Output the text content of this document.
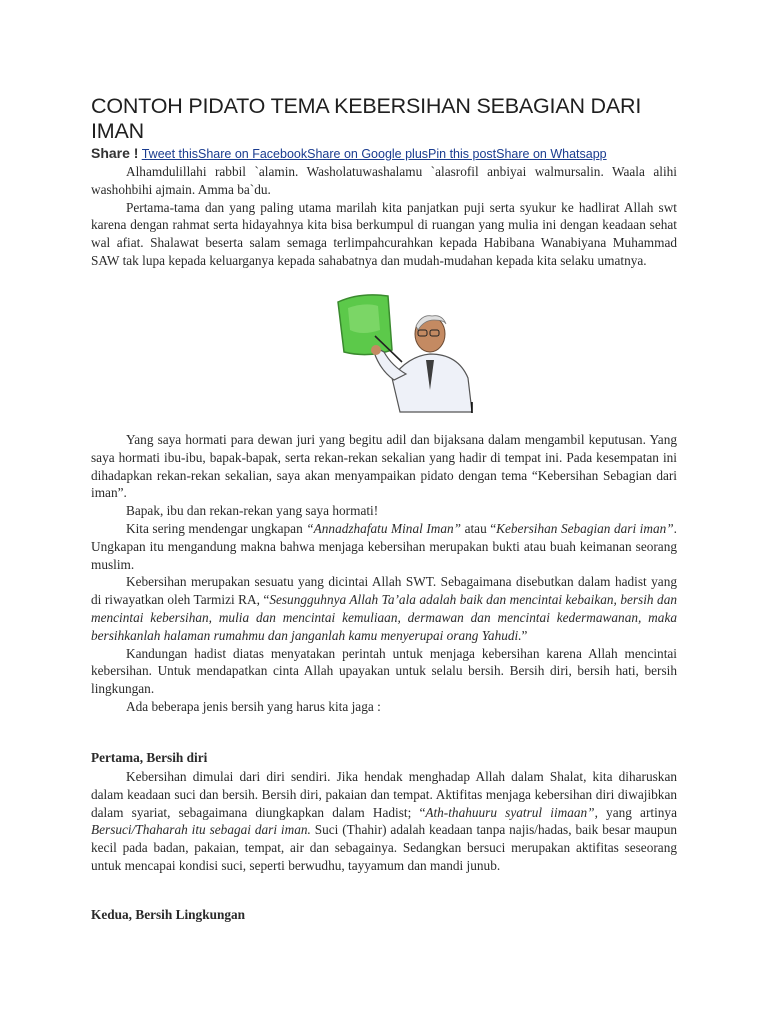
CONTOH PIDATO TEMA KEBERSIHAN SEBAGIAN DARI IMAN
Share ! Tweet thisShare on FacebookShare on Google plusPin this postShare on Whatsapp

Alhamdulillahi rabbil `alamin. Washolatuwashalamu `alasrofil anbiyai walmursalin. Waala alihi washohbihi ajmain. Amma ba`du.

Pertama-tama dan yang paling utama marilah kita panjatkan puji serta syukur ke hadlirat Allah swt karena dengan rahmat serta hidayahnya kita bisa berkumpul di ruangan yang mulia ini dengan keadaan sehat wal afiat. Shalawat beserta salam semaga terlimpahcurahkan kepada Habibana Wanabiyana Muhammad SAW tak lupa kepada keluarganya kepada sahabatnya dan mudah-mudahan kepada kita selaku umatnya.

Yang saya hormati para dewan juri yang begitu adil dan bijaksana dalam mengambil keputusan. Yang saya hormati ibu-ibu, bapak-bapak, serta rekan-rekan sekalian yang hadir di tempat ini. Pada kesempatan ini dihadapkan rekan-rekan sekalian, saya akan menyampaikan pidato dengan tema “Kebersihan Sebagian dari iman”.

Bapak, ibu dan rekan-rekan yang saya hormati!

Kita sering mendengar ungkapan “Annadzhafatu Minal Iman” atau “Kebersihan Sebagian dari iman”. Ungkapan itu mengandung makna bahwa menjaga kebersihan merupakan bukti atau buah keimanan seorang muslim.

Kebersihan merupakan sesuatu yang dicintai Allah SWT. Sebagaimana disebutkan dalam hadist yang di riwayatkan oleh Tarmizi RA, “Sesungguhnya Allah Ta’ala adalah baik dan mencintai kebaikan, bersih dan mencintai kebersihan, mulia dan mencintai kemuliaan, dermawan dan mencintai kedermawanan, maka bersihkanlah halaman rumahmu dan janganlah kamu menyerupai orang Yahudi.”

Kandungan hadist diatas menyatakan perintah untuk menjaga kebersihan karena Allah mencintai kebersihan. Untuk mendapatkan cinta Allah upayakan untuk selalu bersih. Bersih diri, bersih hati, bersih lingkungan.

Ada beberapa jenis bersih yang harus kita jaga :

Pertama, Bersih diri

Kebersihan dimulai dari diri sendiri. Jika hendak menghadap Allah dalam Shalat, kita diharuskan dalam keadaan suci dan bersih. Bersih diri, pakaian dan tempat. Aktifitas menjaga kebersihan diri diwajibkan dalam syariat, sebagaimana diungkapkan dalam Hadist; “Ath-thahuuru syatrul iimaan”, yang artinya Bersuci/Thaharah itu sebagai dari iman. Suci (Thahir) adalah keadaan tanpa najis/hadas, baik besar maupun kecil pada badan, pakaian, tempat, air dan sebagainya. Sedangkan bersuci merupakan aktifitas seseorang untuk mencapai kondisi suci, seperti berwudhu, tayyamum dan mandi junub.

Kedua, Bersih Lingkungan
